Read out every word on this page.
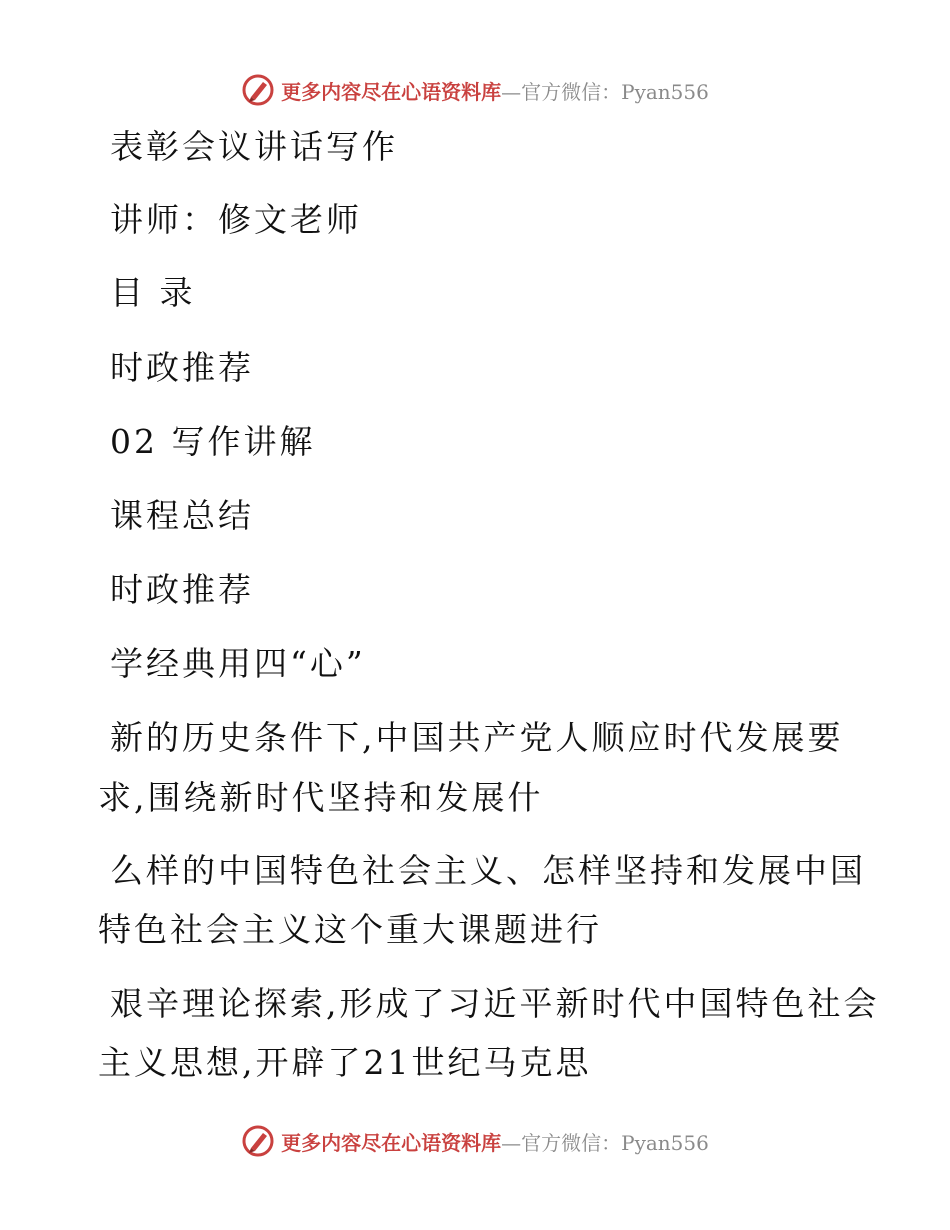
更多内容尽在心语资料库—官方微信：Pyan556
表彰会议讲话写作
讲师：修文老师
目 录
时政推荐
02 写作讲解
课程总结
时政推荐
学经典用四“心”
新的历史条件下,中国共产党人顺应时代发展要
求,围绕新时代坚持和发展什
么样的中国特色社会主义、怎样坚持和发展中国
特色社会主义这个重大课题进行
艰辛理论探索,形成了习近平新时代中国特色社会
主义思想,开辟了21世纪马克思
更多内容尽在心语资料库—官方微信：Pyan556
